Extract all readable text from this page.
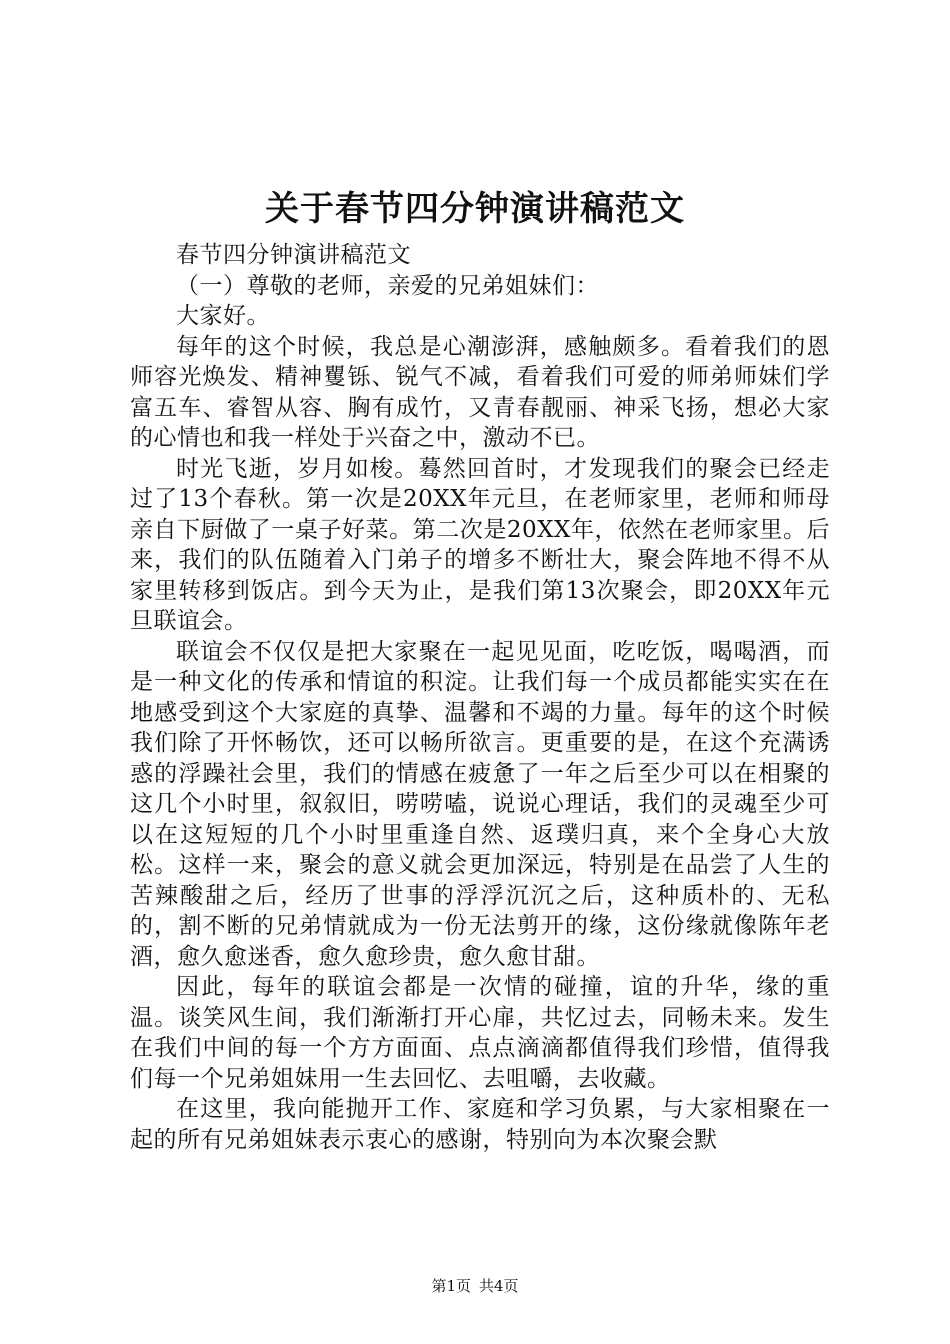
关于春节四分钟演讲稿范文

春节四分钟演讲稿范文

（一）尊敬的老师，亲爱的兄弟姐妹们：

大家好。

每年的这个时候，我总是心潮澎湃，感触颇多。看着我们的恩师容光焕发、精神矍铄、锐气不减，看着我们可爱的师弟师妹们学富五车、睿智从容、胸有成竹，又青春靓丽、神采飞扬，想必大家的心情也和我一样处于兴奋之中，激动不已。

时光飞逝，岁月如梭。蓦然回首时，才发现我们的聚会已经走过了13个春秋。第一次是20XX年元旦，在老师家里，老师和师母亲自下厨做了一桌子好菜。第二次是20XX年，依然在老师家里。后来，我们的队伍随着入门弟子的增多不断壮大，聚会阵地不得不从家里转移到饭店。到今天为止，是我们第13次聚会，即20XX年元旦联谊会。

联谊会不仅仅是把大家聚在一起见见面，吃吃饭，喝喝酒，而是一种文化的传承和情谊的积淀。让我们每一个成员都能实实在在地感受到这个大家庭的真挚、温馨和不竭的力量。每年的这个时候我们除了开怀畅饮，还可以畅所欲言。更重要的是，在这个充满诱惑的浮躁社会里，我们的情感在疲惫了一年之后至少可以在相聚的这几个小时里，叙叙旧，唠唠嗑，说说心理话，我们的灵魂至少可以在这短短的几个小时里重逢自然、返璞归真，来个全身心大放松。这样一来，聚会的意义就会更加深远，特别是在品尝了人生的苦辣酸甜之后，经历了世事的浮浮沉沉之后，这种质朴的、无私的，割不断的兄弟情就成为一份无法剪开的缘，这份缘就像陈年老酒，愈久愈迷香，愈久愈珍贵，愈久愈甘甜。

因此，每年的联谊会都是一次情的碰撞，谊的升华，缘的重温。谈笑风生间，我们渐渐打开心扉，共忆过去，同畅未来。发生在我们中间的每一个方方面面、点点滴滴都值得我们珍惜，值得我们每一个兄弟姐妹用一生去回忆、去咀嚼，去收藏。

在这里，我向能抛开工作、家庭和学习负累，与大家相聚在一起的所有兄弟姐妹表示衷心的感谢，特别向为本次聚会默

第1页 共4页
